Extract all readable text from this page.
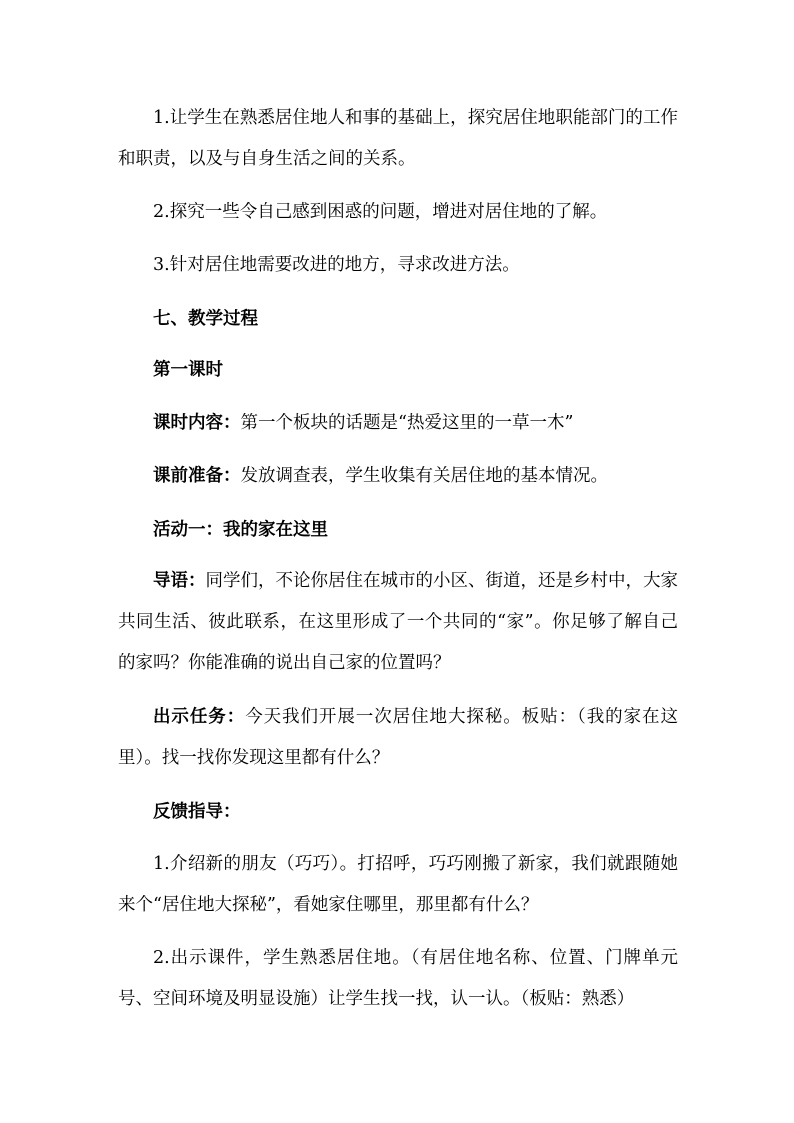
1.让学生在熟悉居住地人和事的基础上，探究居住地职能部门的工作和职责，以及与自身生活之间的关系。

2.探究一些令自己感到困惑的问题，增进对居住地的了解。

3.针对居住地需要改进的地方，寻求改进方法。

七、教学过程

第一课时

课时内容：第一个板块的话题是“热爱这里的一草一木”

课前准备：发放调查表，学生收集有关居住地的基本情况。

活动一：我的家在这里

导语：同学们，不论你居住在城市的小区、街道，还是乡村中，大家共同生活、彼此联系，在这里形成了一个共同的“家”。你足够了解自己的家吗？你能准确的说出自己家的位置吗？

出示任务：今天我们开展一次居住地大探秘。板贴：（我的家在这里）。找一找你发现这里都有什么？

反馈指导：

1.介绍新的朋友（巧巧）。打招呼，巧巧刚搬了新家，我们就跟随她来个“居住地大探秘”，看她家住哪里，那里都有什么？

2.出示课件，学生熟悉居住地。（有居住地名称、位置、门牌单元号、空间环境及明显设施）让学生找一找，认一认。（板贴：熟悉）
